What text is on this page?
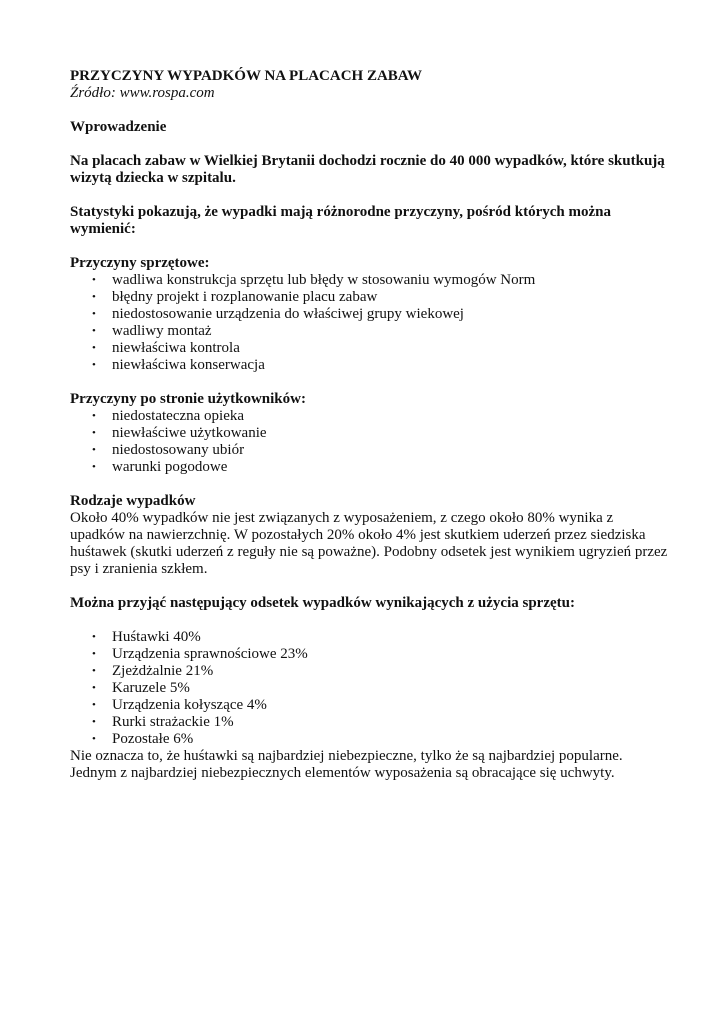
PRZYCZYNY WYPADKÓW NA PLACACH ZABAW

Źródło: www.rospa.com

Wprowadzenie

Na placach zabaw w Wielkiej Brytanii dochodzi rocznie do 40 000 wypadków, które skutkują wizytą dziecka w szpitalu.

Statystyki pokazują, że wypadki mają różnorodne przyczyny, pośród których można wymienić:

Przyczyny sprzętowe:

• wadliwa konstrukcja sprzętu lub błędy w stosowaniu wymogów Norm
• błędny projekt i rozplanowanie placu zabaw
• niedostosowanie urządzenia do właściwej grupy wiekowej
• wadliwy montaż
• niewłaściwa kontrola
• niewłaściwa konserwacja

Przyczyny po stronie użytkowników:

• niedostateczna opieka
• niewłaściwe użytkowanie
• niedostosowany ubiór
• warunki pogodowe

Rodzaje wypadków

Około 40% wypadków nie jest związanych z wyposażeniem, z czego około 80% wynika z upadków na nawierzchnię. W pozostałych 20% około 4% jest skutkiem uderzeń przez siedziska huśtawek (skutki uderzeń z reguły nie są poważne). Podobny odsetek jest wynikiem ugryzień przez psy i zranienia szkłem.

Można przyjąć następujący odsetek wypadków wynikających z użycia sprzętu:

• Huśtawki 40%
• Urządzenia sprawnościowe 23%
• Zjeżdżalnie 21%
• Karuzele 5%
• Urządzenia kołyszące 4%
• Rurki strażackie 1%
• Pozostałe 6%

Nie oznacza to, że huśtawki są najbardziej niebezpieczne, tylko że są najbardziej popularne. Jednym z najbardziej niebezpiecznych elementów wyposażenia są obracające się uchwyty.
